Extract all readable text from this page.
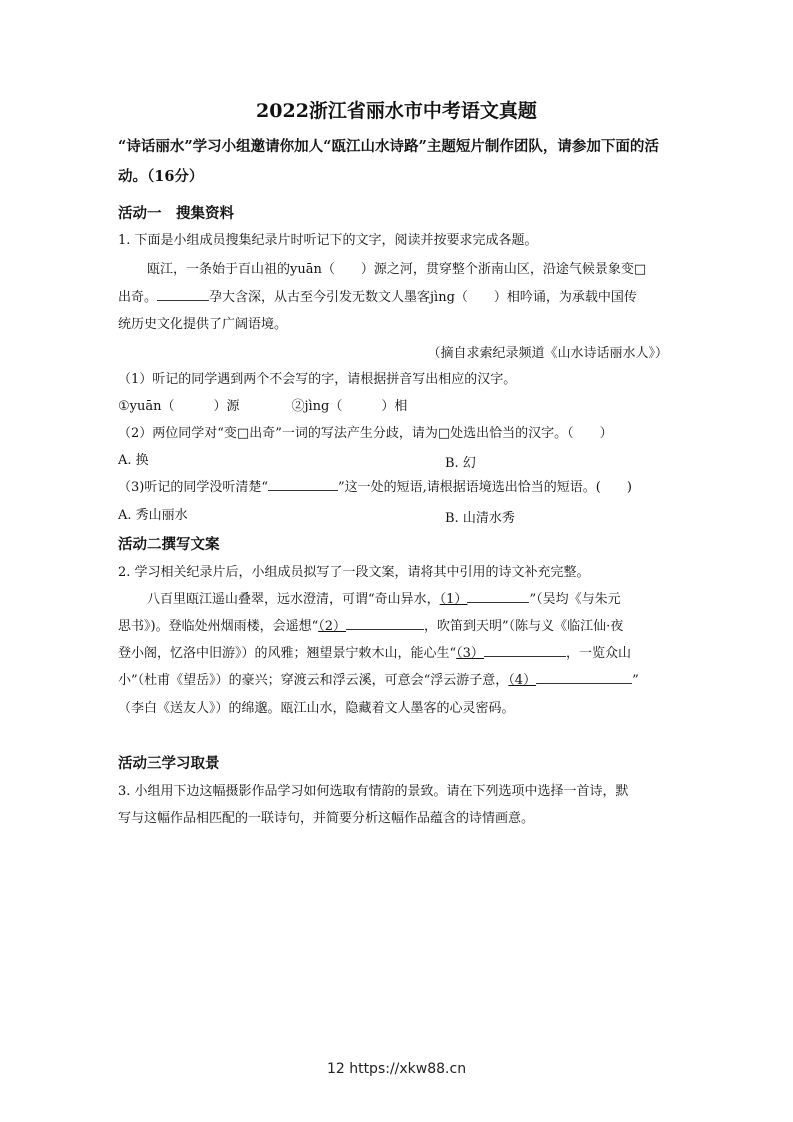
2022浙江省丽水市中考语文真题
“诗话丽水”学习小组邀请你加人“瓯江山水诗路”主题短片制作团队，请参加下面的活动。（16分）
活动一　搜集资料
1. 下面是小组成员搜集纪录片时听记下的文字，阅读并按要求完成各题。
瓯江，一条始于百山祖的yuān（　　）源之河，贯穿整个浙南山区，沿途气候景象变□
出奇。	孕大含深，从古至今引发无数文人墨客jìng（　　）相吟诵，为承载中国传
统历史文化提供了广阔语境。
（摘自求索纪录频道《山水诗话丽水人》）
（1）听记的同学遇到两个不会写的字，请根据拼音写出相应的汉字。
①yuān（　　　）源　　　　②jìng（　　　）相
（2）两位同学对“变□出奇”一词的写法产生分歧，请为□处选出恰当的汉字。（　　）
A. 换	B. 幻
（3)听记的同学没听清楚“	”这一处的短语,请根据语境选出恰当的短语。(　　)
A. 秀山丽水	B. 山清水秀
活动二撰写文案
2. 学习相关纪录片后，小组成员拟写了一段文案，请将其中引用的诗文补充完整。
八百里瓯江遥山叠翠，远水澄清，可谓“奇山异水，（1）	”（吴均《与朱元
思书》)。登临处州烟雨楼，会遥想“（2）	，吹笛到天明”（陈与义《临江仙·夜
登小阁，忆洛中旧游》）的风雅；翘望景宁敕木山，能心生“（3）	，一览众山
小”（杜甫《望岳》）的豪兴；穿渡云和浮云溪，可意会“浮云游子意，（4）	”
（李白《送友人》）的绵邈。瓯江山水，隐藏着文人墨客的心灵密码。
活动三学习取景
3. 小组用下边这幅摄影作品学习如何选取有情韵的景致。请在下列选项中选择一首诗，默
写与这幅作品相匹配的一联诗句，并简要分析这幅作品蕴含的诗情画意。
12 https://xkw88.cn
